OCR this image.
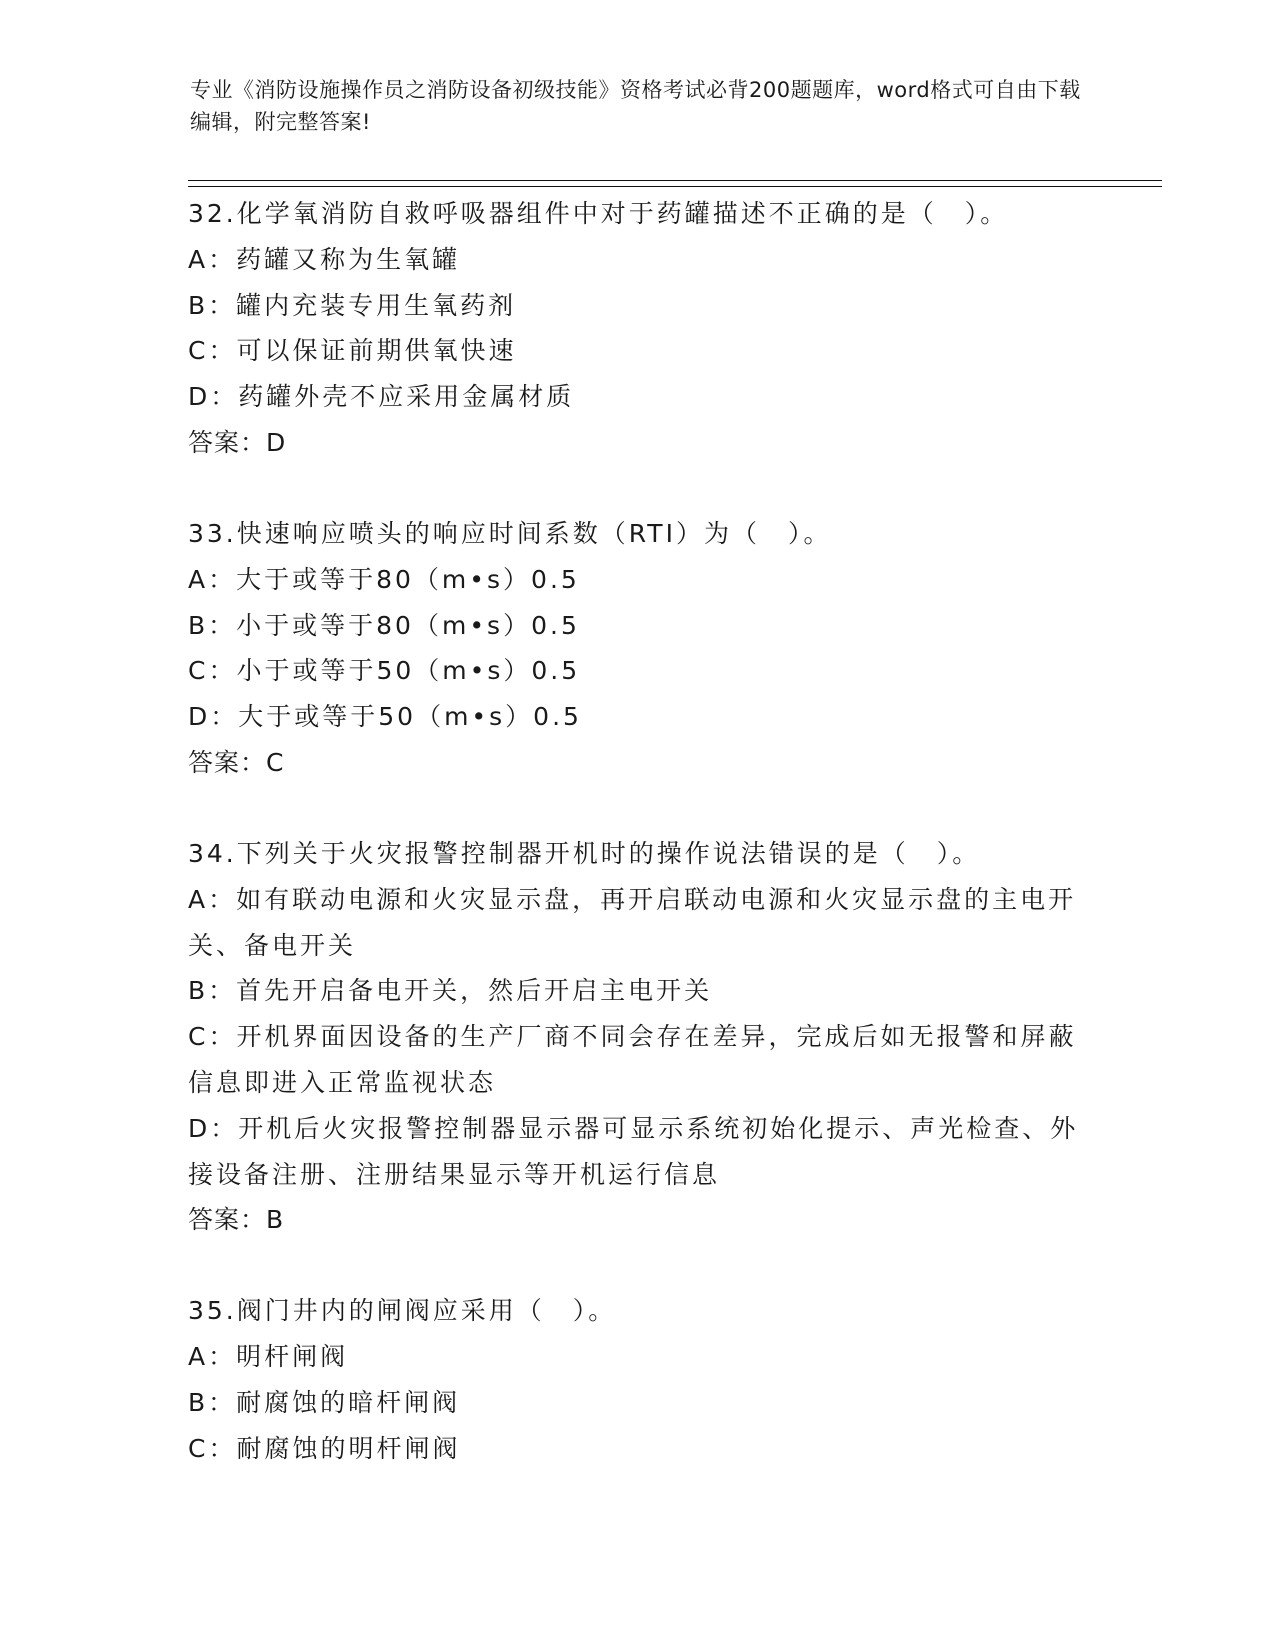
专业《消防设施操作员之消防设备初级技能》资格考试必背200题题库，word格式可自由下载编辑，附完整答案!
32.化学氧消防自救呼吸器组件中对于药罐描述不正确的是（　）。
A：药罐又称为生氧罐
B：罐内充装专用生氧药剂
C：可以保证前期供氧快速
D：药罐外壳不应采用金属材质
答案：D
33.快速响应喷头的响应时间系数（RTI）为（　）。
A：大于或等于80（m•s）0.5
B：小于或等于80（m•s）0.5
C：小于或等于50（m•s）0.5
D：大于或等于50（m•s）0.5
答案：C
34.下列关于火灾报警控制器开机时的操作说法错误的是（　）。
A：如有联动电源和火灾显示盘，再开启联动电源和火灾显示盘的主电开关、备电开关
B：首先开启备电开关，然后开启主电开关
C：开机界面因设备的生产厂商不同会存在差异，完成后如无报警和屏蔽信息即进入正常监视状态
D：开机后火灾报警控制器显示器可显示系统初始化提示、声光检查、外接设备注册、注册结果显示等开机运行信息
答案：B
35.阀门井内的闸阀应采用（　）。
A：明杆闸阀
B：耐腐蚀的暗杆闸阀
C：耐腐蚀的明杆闸阀
